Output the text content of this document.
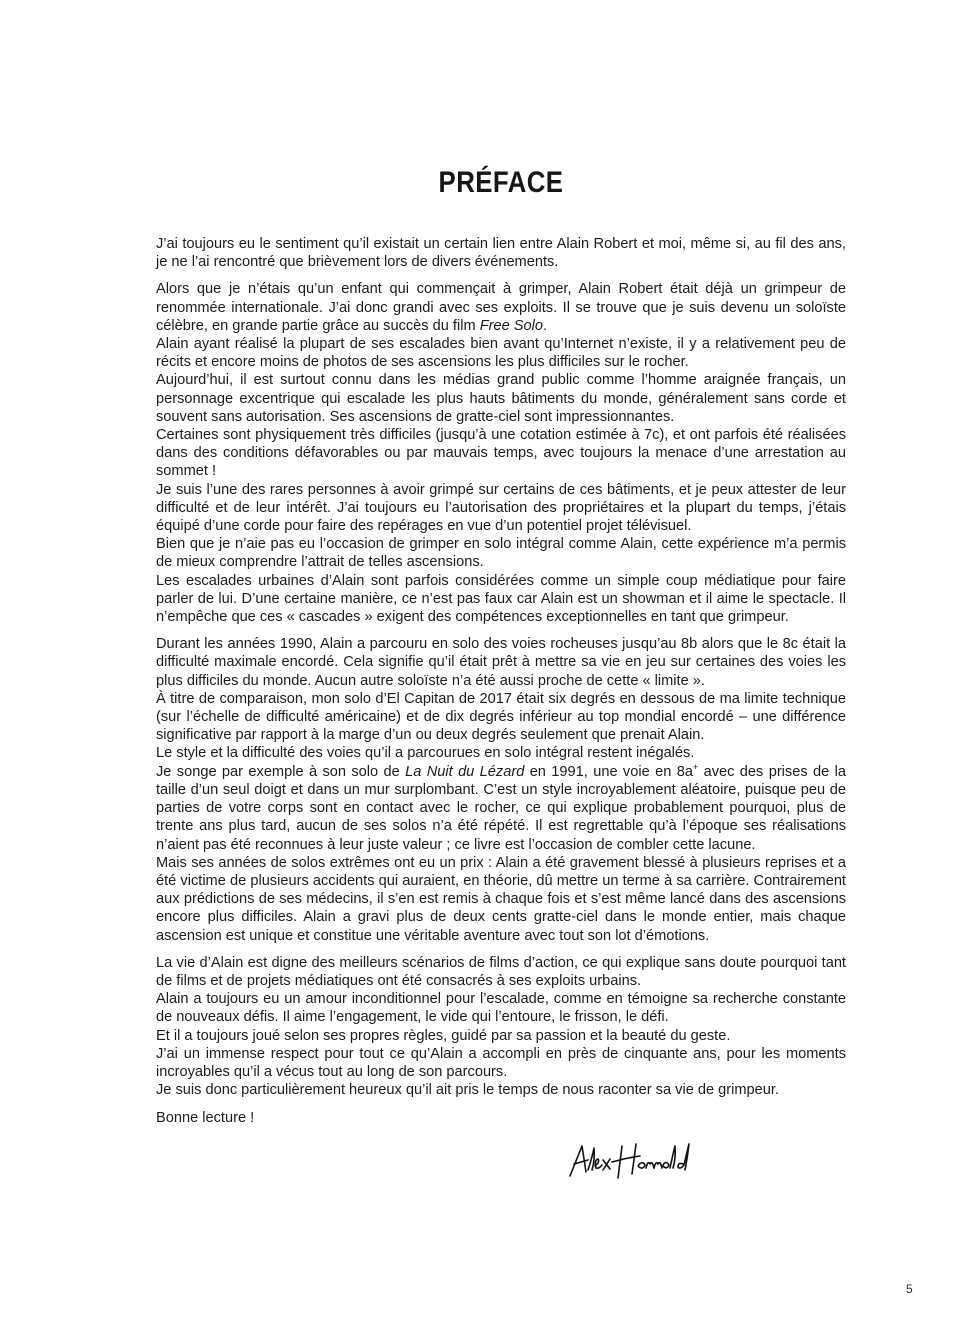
PRÉFACE

J’ai toujours eu le sentiment qu’il existait un certain lien entre Alain Robert et moi, même si, au fil des ans, je ne l’ai rencontré que brièvement lors de divers événements.

Alors que je n’étais qu’un enfant qui commençait à grimper, Alain Robert était déjà un grimpeur de renommée internationale. J’ai donc grandi avec ses exploits. Il se trouve que je suis devenu un soloïste célèbre, en grande partie grâce au succès du film Free Solo.
Alain ayant réalisé la plupart de ses escalades bien avant qu’Internet n’existe, il y a relativement peu de récits et encore moins de photos de ses ascensions les plus difficiles sur le rocher.
Aujourd’hui, il est surtout connu dans les médias grand public comme l’homme araignée français, un personnage excentrique qui escalade les plus hauts bâtiments du monde, généralement sans corde et souvent sans autorisation. Ses ascensions de gratte-ciel sont impressionnantes.
Certaines sont physiquement très difficiles (jusqu’à une cotation estimée à 7c), et ont parfois été réalisées dans des conditions défavorables ou par mauvais temps, avec toujours la menace d’une arrestation au sommet !
Je suis l’une des rares personnes à avoir grimpé sur certains de ces bâtiments, et je peux attester de leur difficulté et de leur intérêt. J’ai toujours eu l’autorisation des propriétaires et la plupart du temps, j’étais équipé d’une corde pour faire des repérages en vue d’un potentiel projet télévisuel.
Bien que je n’aie pas eu l’occasion de grimper en solo intégral comme Alain, cette expérience m’a permis de mieux comprendre l’attrait de telles ascensions.
Les escalades urbaines d’Alain sont parfois considérées comme un simple coup médiatique pour faire parler de lui. D’une certaine manière, ce n’est pas faux car Alain est un showman et il aime le spectacle. Il n’empêche que ces « cascades » exigent des compétences exceptionnelles en tant que grimpeur.

Durant les années 1990, Alain a parcouru en solo des voies rocheuses jusqu’au 8b alors que le 8c était la difficulté maximale encordé. Cela signifie qu’il était prêt à mettre sa vie en jeu sur certaines des voies les plus difficiles du monde. Aucun autre soloïste n’a été aussi proche de cette « limite ».
À titre de comparaison, mon solo d’El Capitan de 2017 était six degrés en dessous de ma limite technique (sur l’échelle de difficulté américaine) et de dix degrés inférieur au top mondial encordé – une différence significative par rapport à la marge d’un ou deux degrés seulement que prenait Alain.
Le style et la difficulté des voies qu’il a parcourues en solo intégral restent inégalés.
Je songe par exemple à son solo de La Nuit du Lézard en 1991, une voie en 8a+ avec des prises de la taille d’un seul doigt et dans un mur surplombant. C’est un style incroyablement aléatoire, puisque peu de parties de votre corps sont en contact avec le rocher, ce qui explique probablement pourquoi, plus de trente ans plus tard, aucun de ses solos n’a été répété. Il est regrettable qu’à l’époque ses réalisations n’aient pas été reconnues à leur juste valeur ; ce livre est l’occasion de combler cette lacune.
Mais ses années de solos extrêmes ont eu un prix : Alain a été gravement blessé à plusieurs reprises et a été victime de plusieurs accidents qui auraient, en théorie, dû mettre un terme à sa carrière. Contrairement aux prédictions de ses médecins, il s’en est remis à chaque fois et s’est même lancé dans des ascensions encore plus difficiles. Alain a gravi plus de deux cents gratte-ciel dans le monde entier, mais chaque ascension est unique et constitue une véritable aventure avec tout son lot d’émotions.

La vie d’Alain est digne des meilleurs scénarios de films d’action, ce qui explique sans doute pourquoi tant de films et de projets médiatiques ont été consacrés à ses exploits urbains.
Alain a toujours eu un amour inconditionnel pour l’escalade, comme en témoigne sa recherche constante de nouveaux défis. Il aime l’engagement, le vide qui l’entoure, le frisson, le défi.
Et il a toujours joué selon ses propres règles, guidé par sa passion et la beauté du geste.
J’ai un immense respect pour tout ce qu’Alain a accompli en près de cinquante ans, pour les moments incroyables qu’il a vécus tout au long de son parcours.
Je suis donc particulièrement heureux qu’il ait pris le temps de nous raconter sa vie de grimpeur.

Bonne lecture !

5
